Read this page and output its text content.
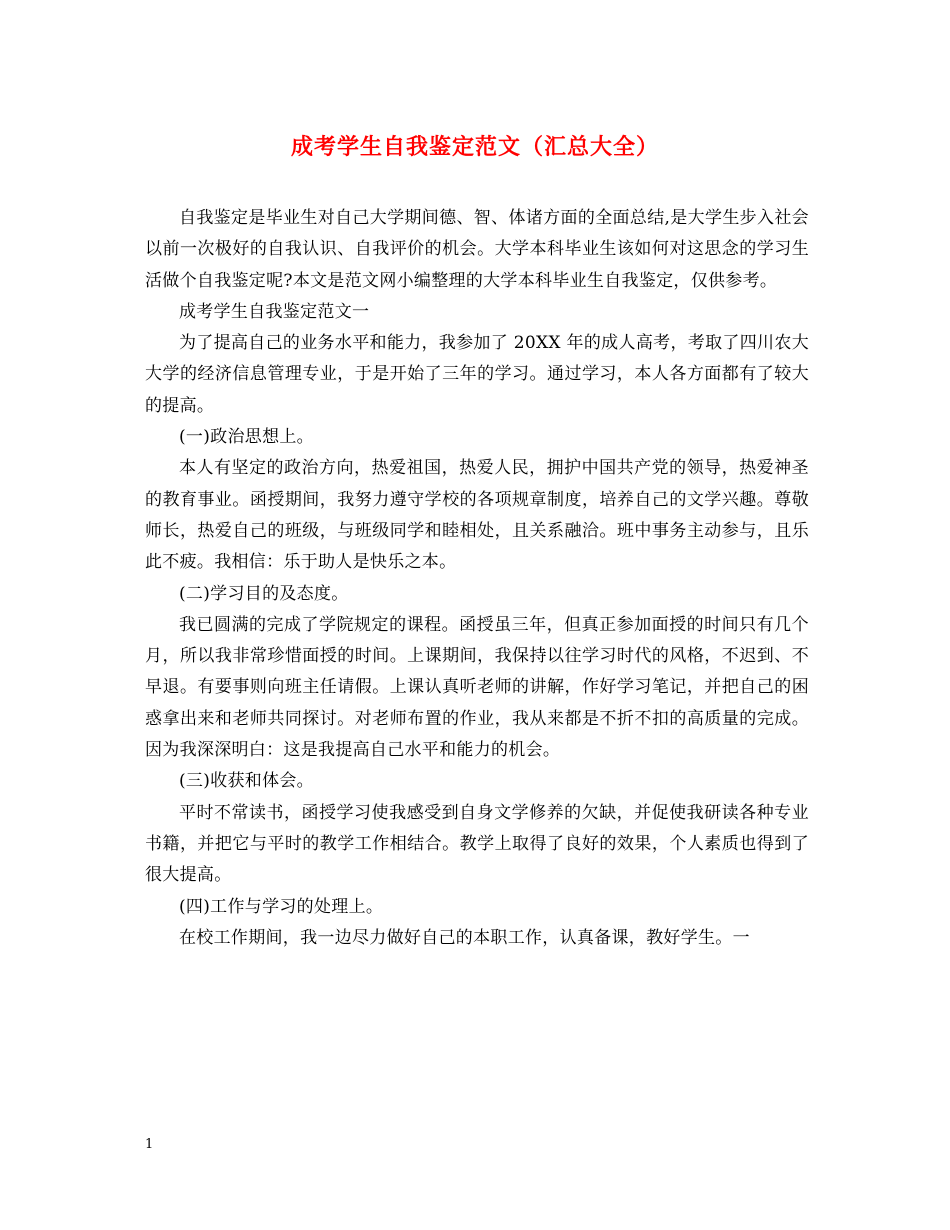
成考学生自我鉴定范文（汇总大全）

自我鉴定是毕业生对自己大学期间德、智、体诸方面的全面总结,是大学生步入社会以前一次极好的自我认识、自我评价的机会。大学本科毕业生该如何对这思念的学习生活做个自我鉴定呢?本文是范文网小编整理的大学本科毕业生自我鉴定，仅供参考。

成考学生自我鉴定范文一

为了提高自己的业务水平和能力，我参加了 20XX 年的成人高考，考取了四川农大大学的经济信息管理专业，于是开始了三年的学习。通过学习，本人各方面都有了较大的提高。

(一)政治思想上。

本人有坚定的政治方向，热爱祖国，热爱人民，拥护中国共产党的领导，热爱神圣的教育事业。函授期间，我努力遵守学校的各项规章制度，培养自己的文学兴趣。尊敬师长，热爱自己的班级，与班级同学和睦相处，且关系融洽。班中事务主动参与，且乐此不疲。我相信：乐于助人是快乐之本。

(二)学习目的及态度。

我已圆满的完成了学院规定的课程。函授虽三年，但真正参加面授的时间只有几个月，所以我非常珍惜面授的时间。上课期间，我保持以往学习时代的风格，不迟到、不早退。有要事则向班主任请假。上课认真听老师的讲解，作好学习笔记，并把自己的困惑拿出来和老师共同探讨。对老师布置的作业，我从来都是不折不扣的高质量的完成。因为我深深明白：这是我提高自己水平和能力的机会。

(三)收获和体会。

平时不常读书，函授学习使我感受到自身文学修养的欠缺，并促使我研读各种专业书籍，并把它与平时的教学工作相结合。教学上取得了良好的效果，个人素质也得到了很大提高。

(四)工作与学习的处理上。

在校工作期间，我一边尽力做好自己的本职工作，认真备课，教好学生。一

1
